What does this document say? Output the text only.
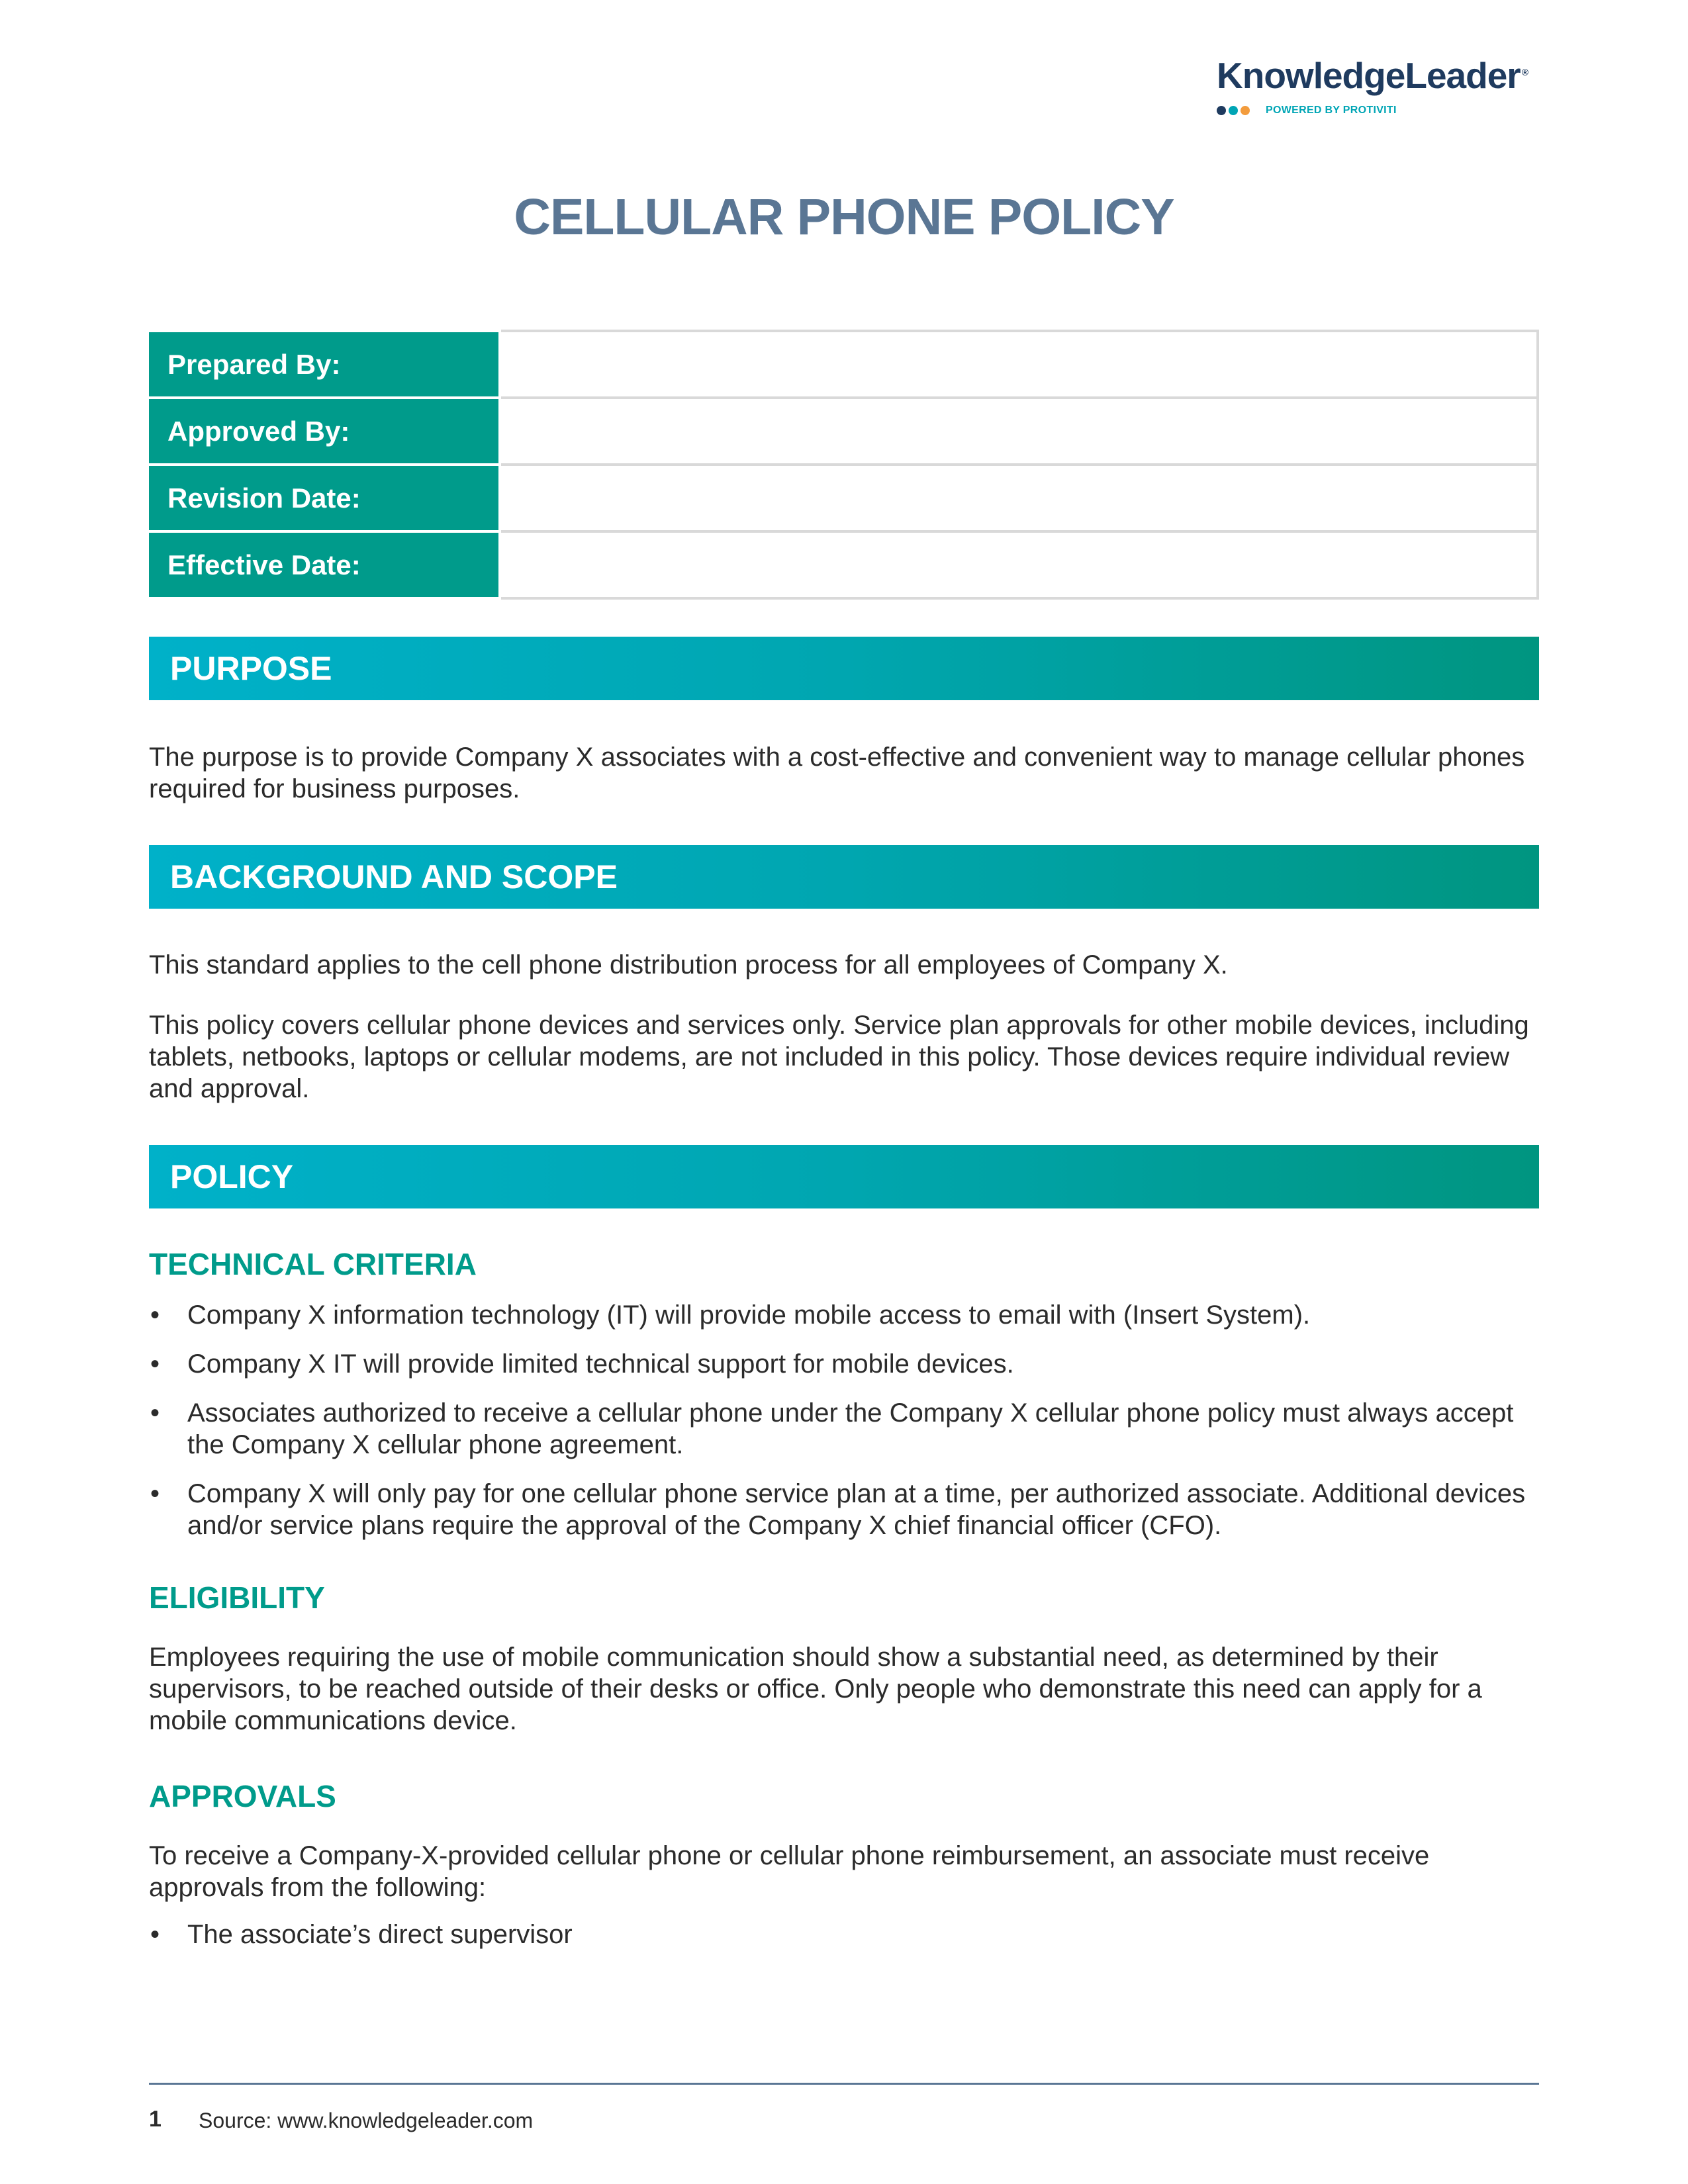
KnowledgeLeader ®
POWERED BY PROTIVITI
CELLULAR PHONE POLICY
Prepared By:	
Approved By:	
Revision Date:	
Effective Date:	
PURPOSE
The purpose is to provide Company X associates with a cost-effective and convenient way to manage cellular phones required for business purposes.
BACKGROUND AND SCOPE
This standard applies to the cell phone distribution process for all employees of Company X.
This policy covers cellular phone devices and services only. Service plan approvals for other mobile devices, including tablets, netbooks, laptops or cellular modems, are not included in this policy. Those devices require individual review and approval.
POLICY
TECHNICAL CRITERIA
• Company X information technology (IT) will provide mobile access to email with (Insert System).
• Company X IT will provide limited technical support for mobile devices.
• Associates authorized to receive a cellular phone under the Company X cellular phone policy must always accept the Company X cellular phone agreement.
• Company X will only pay for one cellular phone service plan at a time, per authorized associate. Additional devices and/or service plans require the approval of the Company X chief financial officer (CFO).
ELIGIBILITY
Employees requiring the use of mobile communication should show a substantial need, as determined by their supervisors, to be reached outside of their desks or office. Only people who demonstrate this need can apply for a mobile communications device.
APPROVALS
To receive a Company-X-provided cellular phone or cellular phone reimbursement, an associate must receive approvals from the following:
• The associate’s direct supervisor
1 Source: www.knowledgeleader.com
